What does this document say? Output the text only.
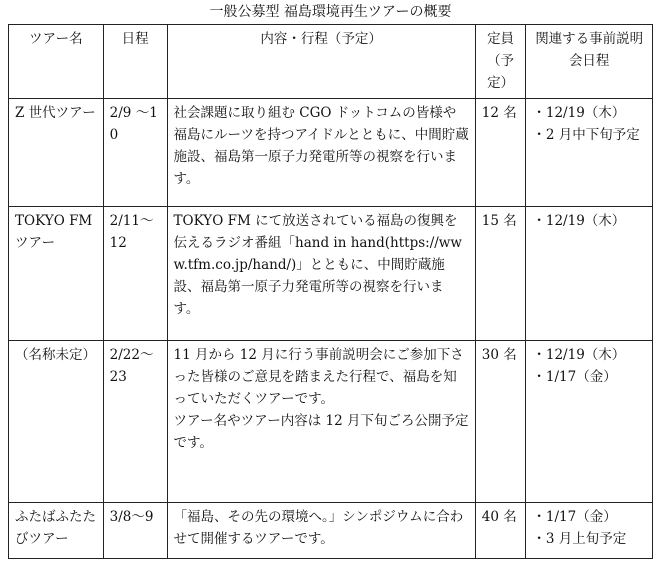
一般公募型 福島環境再生ツアーの概要
ツアー名	日程	内容・行程（予定）	定員（予定）	関連する事前説明会日程
Z 世代ツアー	2/9 ～10	社会課題に取り組む CGO ドットコムの皆様や福島にルーツを持つアイドルとともに、中間貯蔵施設、福島第一原子力発電所等の視察を行います。	12 名	・12/19（木）
・2 月中下旬予定

TOKYO FM ツアー	2/11～12	TOKYO FM にて放送されている福島の復興を伝えるラジオ番組「hand in hand(https://www.tfm.co.jp/hand/)」とともに、中間貯蔵施設、福島第一原子力発電所等の視察を行います。	15 名	・12/19（木）

（名称未定）	2/22～23	11 月から 12 月に行う事前説明会にご参加下さった皆様のご意見を踏まえた行程で、福島を知っていただくツアーです。
ツアー名やツアー内容は 12 月下旬ごろ公開予定です。	30 名	・12/19（木）
・1/17（金）

ふたばふたたびツアー	3/8～9	「福島、その先の環境へ。」シンポジウムに合わせて開催するツアーです。	40 名	・1/17（金）
・3 月上旬予定
